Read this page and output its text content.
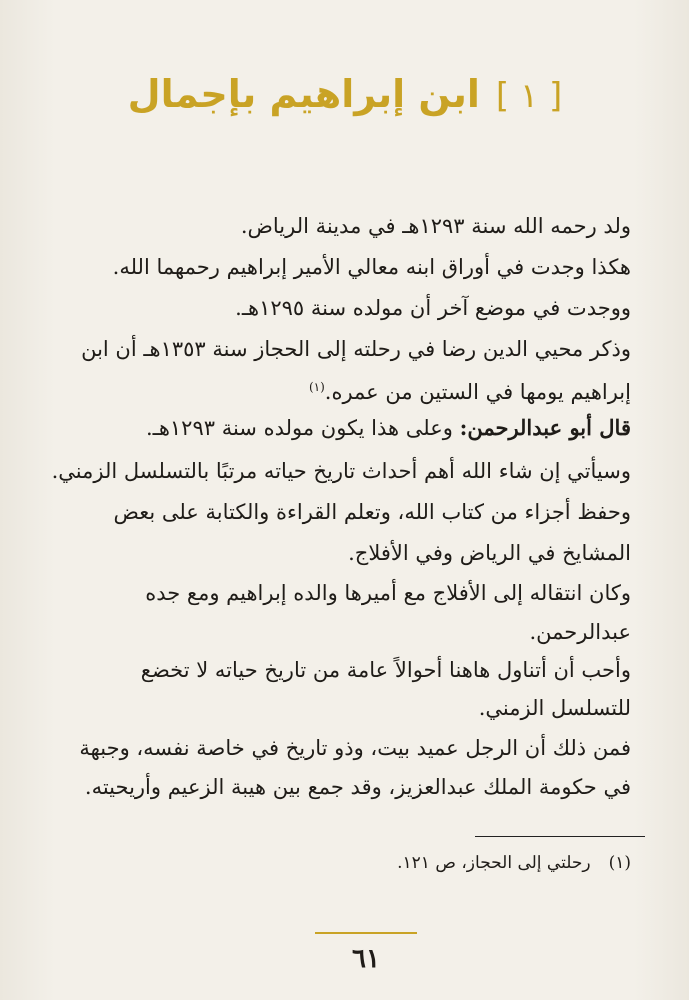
[ ١ ]ابن إبراهيم بإجمال
ولد رحمه الله سنة ١٢٩٣هـ في مدينة الرياض.
هكذا وجدت في أوراق ابنه معالي الأمير إبراهيم رحمهما الله.
ووجدت في موضع آخر أن مولده سنة ١٢٩٥هـ.
وذكر محيي الدين رضا في رحلته إلى الحجاز سنة ١٣٥٣هـ أن ابن
إبراهيم يومها في الستين من عمره.$^{(١)}$
قال أبو عبدالرحمن: وعلى هذا يكون مولده سنة ١٢٩٣هـ.
وسيأتي إن شاء الله أهم أحداث تاريخ حياته مرتبًا بالتسلسل الزمني.
وحفظ أجزاء من كتاب الله، وتعلم القراءة والكتابة على بعض
المشايخ في الرياض وفي الأفلاج.
وكان انتقاله إلى الأفلاج مع أميرها والده إبراهيم ومع جده
عبدالرحمن.
وأحب أن أتناول هاهنا أحوالاً عامة من تاريخ حياته لا تخضع
للتسلسل الزمني.
فمن ذلك أن الرجل عميد بيت، وذو تاريخ في خاصة نفسه، وجبهة
في حكومة الملك عبدالعزيز، وقد جمع بين هيبة الزعيم وأريحيته.
(١)رحلتي إلى الحجاز، ص ١٢١.
٦١
